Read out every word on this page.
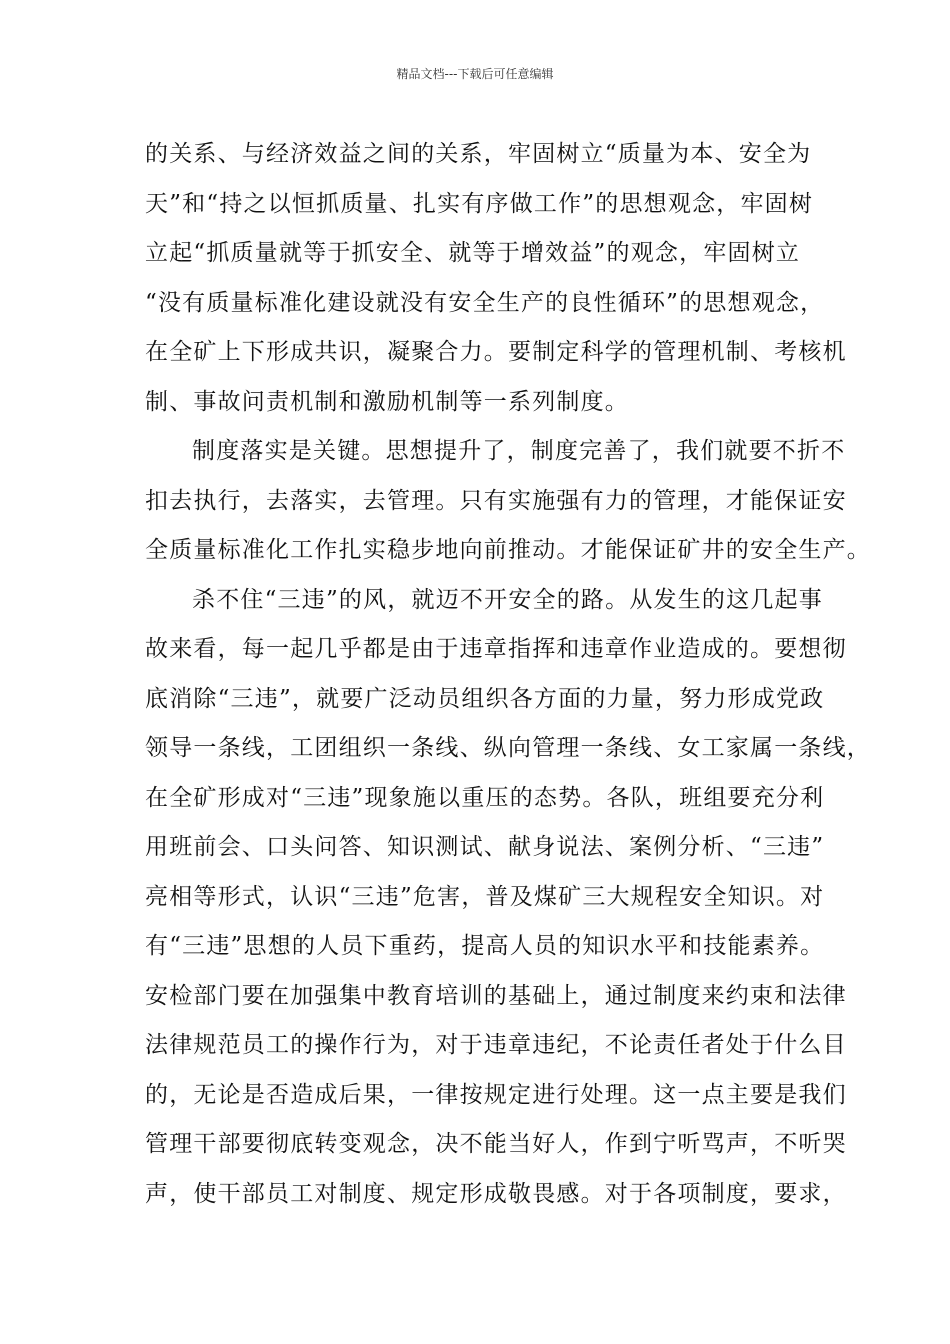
精品文档---下载后可任意编辑
的关系、与经济效益之间的关系，牢固树立“质量为本、安全为
天”和“持之以恒抓质量、扎实有序做工作”的思想观念，牢固树
立起“抓质量就等于抓安全、就等于增效益”的观念，牢固树立
“没有质量标准化建设就没有安全生产的良性循环”的思想观念，
在全矿上下形成共识，凝聚合力。要制定科学的管理机制、考核机
制、事故问责机制和激励机制等一系列制度。
制度落实是关键。思想提升了，制度完善了，我们就要不折不
扣去执行，去落实，去管理。只有实施强有力的管理，才能保证安
全质量标准化工作扎实稳步地向前推动。才能保证矿井的安全生产。
杀不住“三违”的风，就迈不开安全的路。从发生的这几起事
故来看，每一起几乎都是由于违章指挥和违章作业造成的。要想彻
底消除“三违”，就要广泛动员组织各方面的力量，努力形成党政
领导一条线，工团组织一条线、纵向管理一条线、女工家属一条线，
在全矿形成对“三违”现象施以重压的态势。各队，班组要充分利
用班前会、口头问答、知识测试、献身说法、案例分析、“三违”
亮相等形式，认识“三违”危害，普及煤矿三大规程安全知识。对
有“三违”思想的人员下重药，提高人员的知识水平和技能素养。
安检部门要在加强集中教育培训的基础上，通过制度来约束和法律
法律规范员工的操作行为，对于违章违纪，不论责任者处于什么目
的，无论是否造成后果，一律按规定进行处理。这一点主要是我们
管理干部要彻底转变观念，决不能当好人，作到宁听骂声，不听哭
声，使干部员工对制度、规定形成敬畏感。对于各项制度，要求，
